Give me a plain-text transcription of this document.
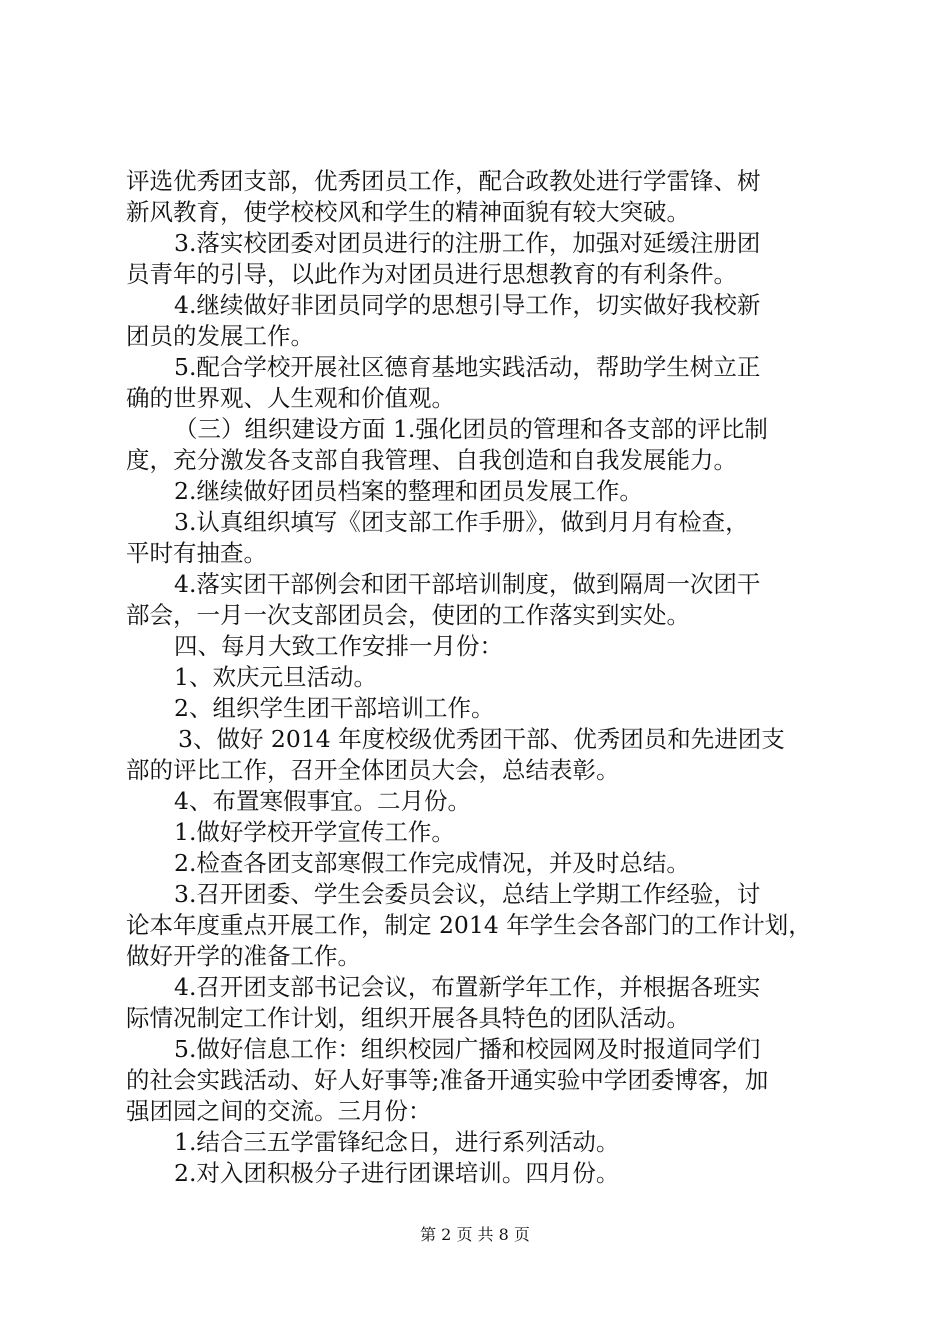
评选优秀团支部，优秀团员工作，配合政教处进行学雷锋、树
新风教育，使学校校风和学生的精神面貌有较大突破。
3.落实校团委对团员进行的注册工作，加强对延缓注册团
员青年的引导，以此作为对团员进行思想教育的有利条件。
4.继续做好非团员同学的思想引导工作，切实做好我校新
团员的发展工作。
5.配合学校开展社区德育基地实践活动，帮助学生树立正
确的世界观、人生观和价值观。
（三）组织建设方面 1.强化团员的管理和各支部的评比制
度，充分激发各支部自我管理、自我创造和自我发展能力。
2.继续做好团员档案的整理和团员发展工作。
3.认真组织填写《团支部工作手册》，做到月月有检查，
平时有抽查。
4.落实团干部例会和团干部培训制度，做到隔周一次团干
部会，一月一次支部团员会，使团的工作落实到实处。
四、每月大致工作安排一月份：
1、欢庆元旦活动。
2、组织学生团干部培训工作。
3、做好 2014 年度校级优秀团干部、优秀团员和先进团支
部的评比工作，召开全体团员大会，总结表彰。
4、布置寒假事宜。二月份。
1.做好学校开学宣传工作。
2.检查各团支部寒假工作完成情况，并及时总结。
3.召开团委、学生会委员会议，总结上学期工作经验，讨
论本年度重点开展工作，制定 2014 年学生会各部门的工作计划，
做好开学的准备工作。
4.召开团支部书记会议，布置新学年工作，并根据各班实
际情况制定工作计划，组织开展各具特色的团队活动。
5.做好信息工作：组织校园广播和校园网及时报道同学们
的社会实践活动、好人好事等;准备开通实验中学团委博客，加
强团园之间的交流。三月份：
1.结合三五学雷锋纪念日，进行系列活动。
2.对入团积极分子进行团课培训。四月份。
第 2 页 共 8 页
